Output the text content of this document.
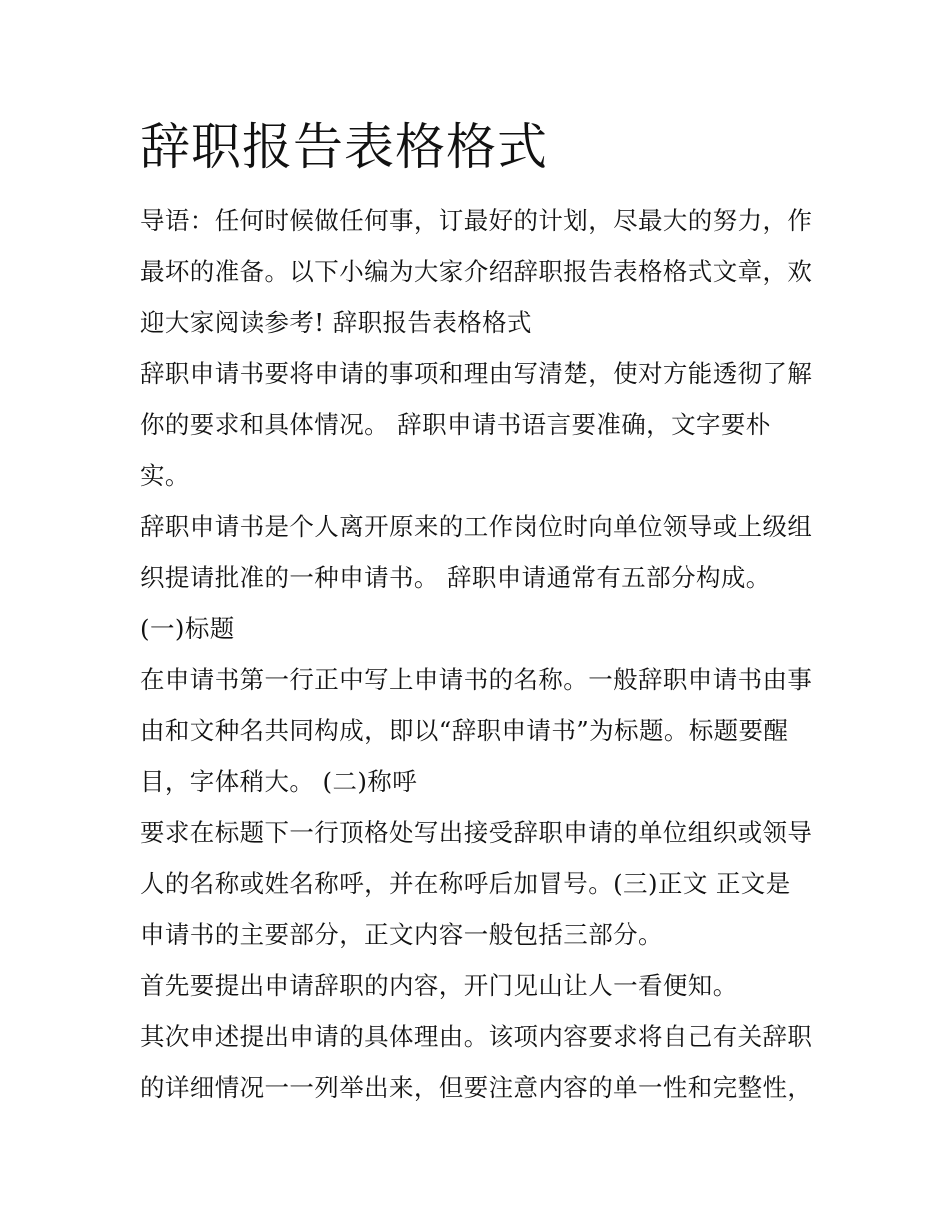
辞职报告表格格式
导语：任何时候做任何事，订最好的计划，尽最大的努力，作
最坏的准备。以下小编为大家介绍辞职报告表格格式文章，欢
迎大家阅读参考! 辞职报告表格格式
辞职申请书要将申请的事项和理由写清楚，使对方能透彻了解
你的要求和具体情况。 辞职申请书语言要准确，文字要朴
实。
辞职申请书是个人离开原来的工作岗位时向单位领导或上级组
织提请批准的一种申请书。 辞职申请通常有五部分构成。
(一)标题
在申请书第一行正中写上申请书的名称。一般辞职申请书由事
由和文种名共同构成，即以“辞职申请书”为标题。标题要醒
目，字体稍大。 (二)称呼
要求在标题下一行顶格处写出接受辞职申请的单位组织或领导
人的名称或姓名称呼，并在称呼后加冒号。(三)正文 正文是
申请书的主要部分，正文内容一般包括三部分。
首先要提出申请辞职的内容，开门见山让人一看便知。
其次申述提出申请的具体理由。该项内容要求将自己有关辞职
的详细情况一一列举出来，但要注意内容的单一性和完整性，
